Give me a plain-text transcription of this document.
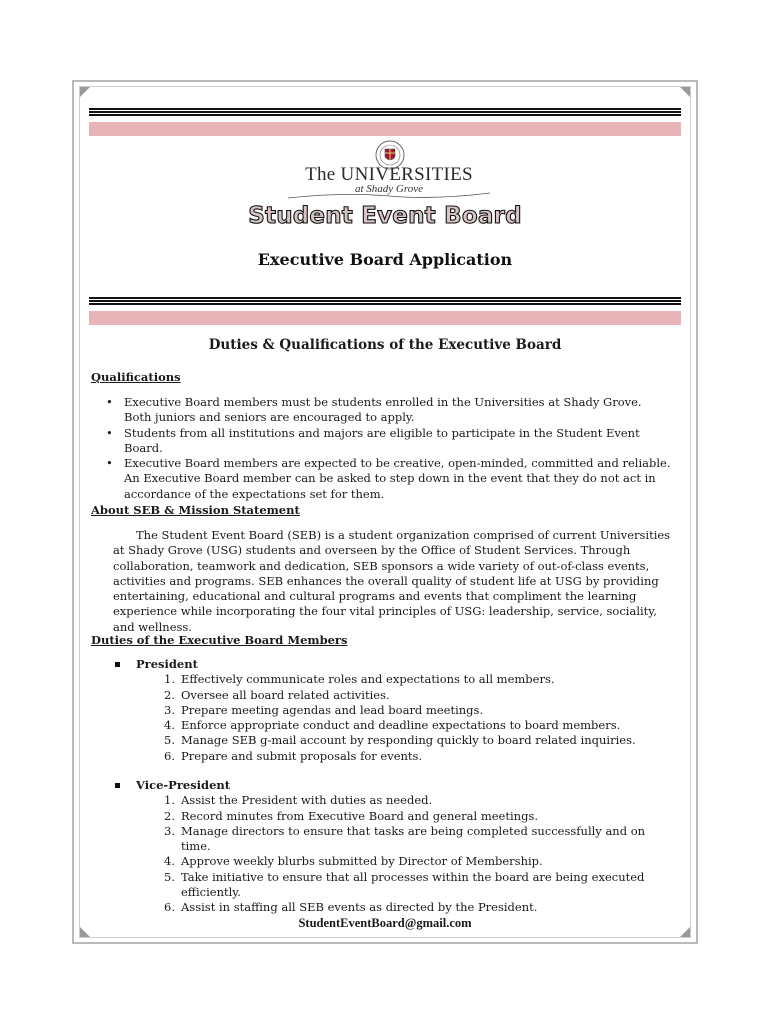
The UNIVERSITIES
at Shady Grove
Student Event Board
Executive Board Application
Duties & Qualifications of the Executive Board
Qualifications
• Executive Board members must be students enrolled in the Universities at Shady Grove. Both juniors and seniors are encouraged to apply.
• Students from all institutions and majors are eligible to participate in the Student Event Board.
• Executive Board members are expected to be creative, open-minded, committed and reliable. An Executive Board member can be asked to step down in the event that they do not act in accordance of the expectations set for them.
About SEB & Mission Statement

The Student Event Board (SEB) is a student organization comprised of current Universities at Shady Grove (USG) students and overseen by the Office of Student Services. Through collaboration, teamwork and dedication, SEB sponsors a wide variety of out-of-class events, activities and programs. SEB enhances the overall quality of student life at USG by providing entertaining, educational and cultural programs and events that compliment the learning experience while incorporating the four vital principles of USG: leadership, service, sociality, and wellness.

Duties of the Executive Board Members
President
1. Effectively communicate roles and expectations to all members.
2. Oversee all board related activities.
3. Prepare meeting agendas and lead board meetings.
4. Enforce appropriate conduct and deadline expectations to board members.
5. Manage SEB g-mail account by responding quickly to board related inquiries.
6. Prepare and submit proposals for events.
Vice-President
1. Assist the President with duties as needed.
2. Record minutes from Executive Board and general meetings.
3. Manage directors to ensure that tasks are being completed successfully and on time.
4. Approve weekly blurbs submitted by Director of Membership.
5. Take initiative to ensure that all processes within the board are being executed efficiently.
6. Assist in staffing all SEB events as directed by the President.
StudentEventBoard@gmail.com
